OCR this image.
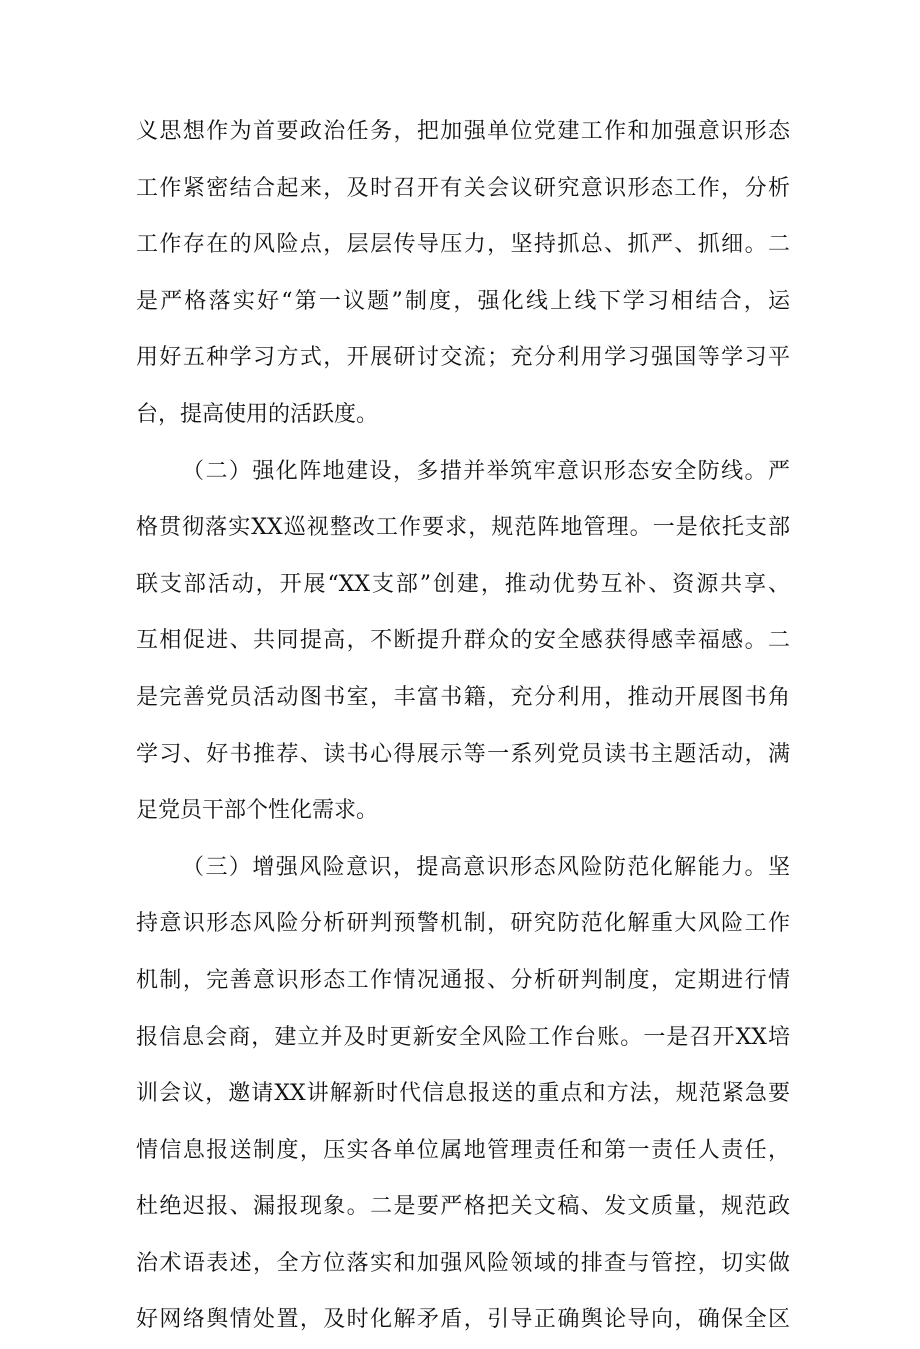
义思想作为首要政治任务，把加强单位党建工作和加强意识形态
工作紧密结合起来，及时召开有关会议研究意识形态工作，分析
工作存在的风险点，层层传导压力，坚持抓总、抓严、抓细。二
是严格落实好“第一议题”制度，强化线上线下学习相结合，运
用好五种学习方式，开展研讨交流；充分利用学习强国等学习平
台，提高使用的活跃度。
（二）强化阵地建设，多措并举筑牢意识形态安全防线。严
格贯彻落实XX巡视整改工作要求，规范阵地管理。一是依托支部
联支部活动，开展“XX支部”创建，推动优势互补、资源共享、
互相促进、共同提高，不断提升群众的安全感获得感幸福感。二
是完善党员活动图书室，丰富书籍，充分利用，推动开展图书角
学习、好书推荐、读书心得展示等一系列党员读书主题活动，满
足党员干部个性化需求。
（三）增强风险意识，提高意识形态风险防范化解能力。坚
持意识形态风险分析研判预警机制，研究防范化解重大风险工作
机制，完善意识形态工作情况通报、分析研判制度，定期进行情
报信息会商，建立并及时更新安全风险工作台账。一是召开XX培
训会议，邀请XX讲解新时代信息报送的重点和方法，规范紧急要
情信息报送制度，压实各单位属地管理责任和第一责任人责任，
杜绝迟报、漏报现象。二是要严格把关文稿、发文质量，规范政
治术语表述，全方位落实和加强风险领域的排查与管控，切实做
好网络舆情处置，及时化解矛盾，引导正确舆论导向，确保全区
